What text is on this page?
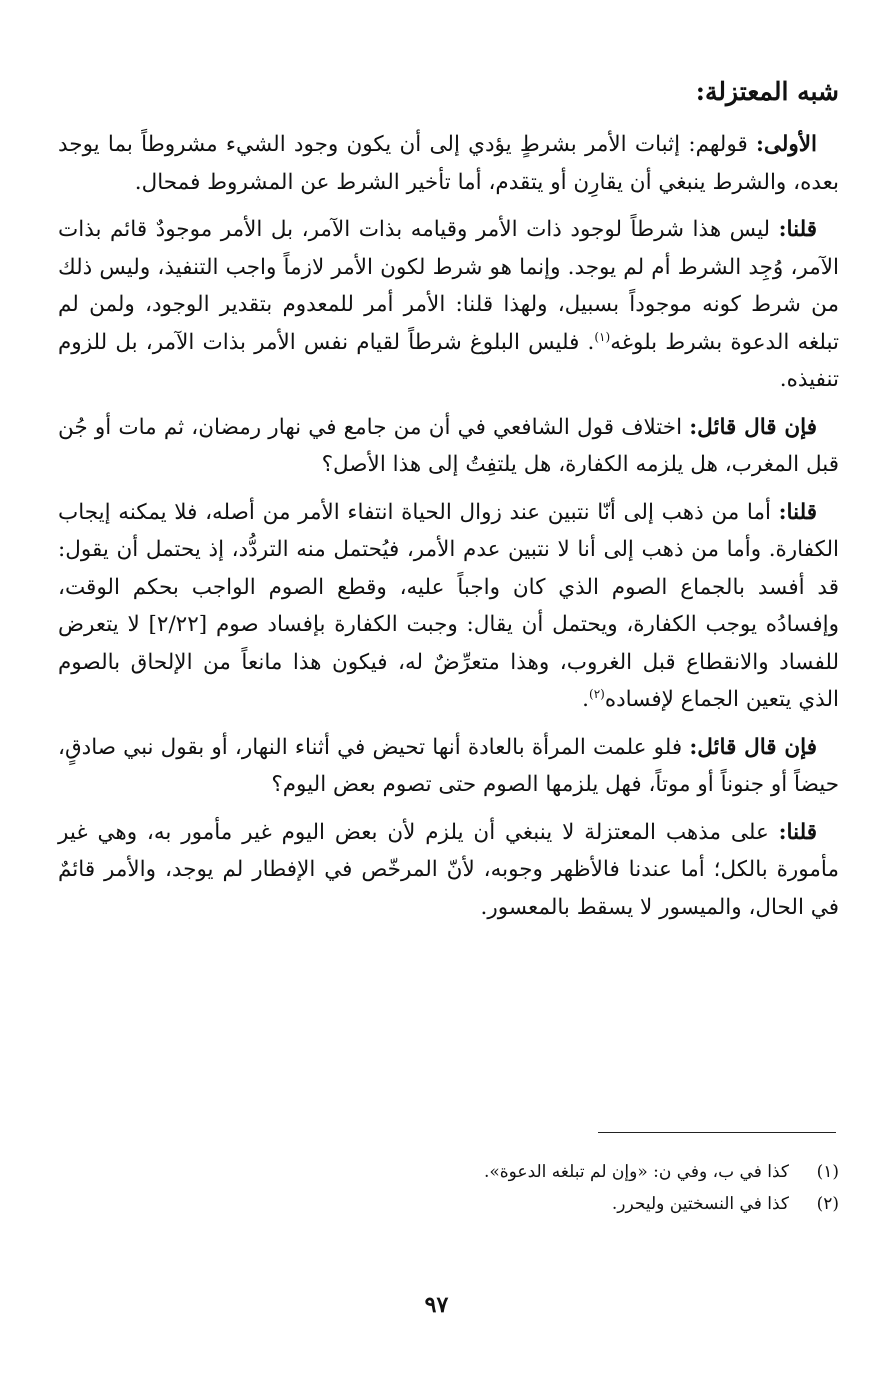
شبه المعتزلة:

الأولى: قولهم: إثبات الأمر بشرطٍ يؤدي إلى أن يكون وجود الشيء مشروطاً بما يوجد بعده، والشرط ينبغي أن يقارِن أو يتقدم، أما تأخير الشرط عن المشروط فمحال.

قلنا: ليس هذا شرطاً لوجود ذات الأمر وقيامه بذات الآمر، بل الأمر موجودٌ قائم بذات الآمر، وُجِد الشرط أم لم يوجد. وإنما هو شرط لكون الأمر لازماً واجب التنفيذ، وليس ذلك من شرط كونه موجوداً بسبيل، ولهذا قلنا: الأمر أمر للمعدوم بتقدير الوجود، ولمن لم تبلغه الدعوة بشرط بلوغه$^{(١)}$. فليس البلوغ شرطاً لقيام نفس الأمر بذات الآمر، بل للزوم تنفيذه.

فإن قال قائل: اختلاف قول الشافعي في أن من جامع في نهار رمضان، ثم مات أو جُن قبل المغرب، هل يلزمه الكفارة، هل يلتفِتُ إلى هذا الأصل؟

قلنا: أما من ذهب إلى أنّا نتبين عند زوال الحياة انتفاء الأمر من أصله، فلا يمكنه إيجاب الكفارة. وأما من ذهب إلى أنا لا نتبين عدم الأمر، فيُحتمل منه التردُّد، إذ يحتمل أن يقول: قد أفسد بالجماع الصوم الذي كان واجباً عليه، وقطع الصوم الواجب بحكم الوقت، وإفسادُه يوجب الكفارة، ويحتمل أن يقال: وجبت الكفارة بإفساد صوم [٢/٢٢] لا يتعرض للفساد والانقطاع قبل الغروب، وهذا متعرِّضٌ له، فيكون هذا مانعاً من الإلحاق بالصوم الذي يتعين الجماع لإفساده$^{(٢)}$.

فإن قال قائل: فلو علمت المرأة بالعادة أنها تحيض في أثناء النهار، أو بقول نبي صادقٍ، حيضاً أو جنوناً أو موتاً، فهل يلزمها الصوم حتى تصوم بعض اليوم؟

قلنا: على مذهب المعتزلة لا ينبغي أن يلزم لأن بعض اليوم غير مأمور به، وهي غير مأمورة بالكل؛ أما عندنا فالأظهر وجوبه، لأنّ المرخّص في الإفطار لم يوجد، والأمر قائمٌ في الحال، والميسور لا يسقط بالمعسور.

(١)
كذا في ب، وفي ن: «وإن لم تبلغه الدعوة».
(٢)
كذا في النسختين وليحرر.
٩٧
